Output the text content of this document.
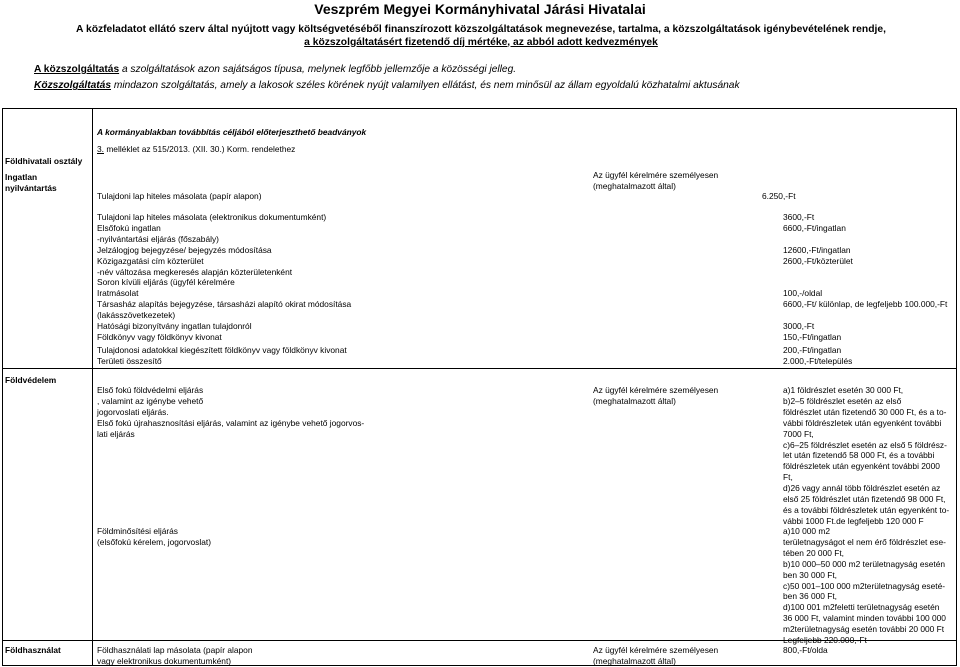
Veszprém Megyei Kormányhivatal Járási Hivatalai
A közfeladatot ellátó szerv által nyújtott vagy költségvetéséből finanszírozott közszolgáltatások megnevezése, tartalma, a közszolgáltatások igénybevételének rendje,
a közszolgáltatásért fizetendő díj mértéke, az abból adott kedvezmények
A közszolgáltatás a szolgáltatások azon sajátságos típusa, melynek legfőbb jellemzője a közösségi jelleg.
Közszolgáltatás mindazon szolgáltatás, amely a lakosok széles körének nyújt valamilyen ellátást, és nem minősül az állam egyoldalú közhatalmi aktusának
A kormányablakban továbbítás céljából előterjeszthető beadványok
3. melléklet az 515/2013. (XII. 30.) Korm. rendelethez
Földhivatali osztály
Ingatlan
nyilvántartás
Földvédelem
Földhasználat
Az ügyfél kérelmére személyesen
(meghatalmazott által)
Tulajdoni lap hiteles másolata (papír alapon)	6.250,-Ft
Tulajdoni lap hiteles másolata (elektronikus dokumentumként)
Elsőfokú ingatlan
-nyilvántartási eljárás (főszabály)
Jelzálogjog bejegyzése/ bejegyzés módosítása
Közigazgatási cím közterület
-név változása megkeresés alapján közterületenként
Soron kívüli eljárás (ügyfél kérelmére
Iratmásolat
Társasház alapítás bejegyzése, társasházi alapító okirat módosítása
(lakásszövetkezetek)
Hatósági bizonyítvány ingatlan tulajdonról
Földkönyv vagy földkönyv kivonat
3600,-Ft
6600,-Ft/ingatlan

12600,-Ft/ingatlan
2600,-Ft/közterület

100,-/oldal
6600,-Ft/ különlap, de legfeljebb 100.000,-Ft

3000,-Ft
150,-Ft/ingatlan
Tulajdonosi adatokkal kiegészített földkönyv vagy földkönyv kivonat
Területi összesítő
200,-Ft/ingatlan
2.000,-Ft/település
Első fokú földvédelmi eljárás
, valamint az igénybe vehető
jogorvoslati eljárás.
Első fokú újrahasznosítási eljárás, valamint az igénybe vehető jogorvos-
lati eljárás
Az ügyfél kérelmére személyesen
(meghatalmazott által)
a)1 földrészlet esetén 30 000 Ft,
b)2–5 földrészlet esetén az első
földrészlet után fizetendő 30 000 Ft, és a to-
vábbi földrészletek után egyenként további
7000 Ft,
c)6–25 földrészlet esetén az első 5 földrész-
let után fizetendő 58 000 Ft, és a további
földrészletek után egyenként további 2000
Ft,
d)26 vagy annál több földrészlet esetén az
első 25 földrészlet után fizetendő 98 000 Ft,
és a további földrészletek után egyenként to-
vábbi 1000 Ft.de legfeljebb 120 000 F
Földminősítési eljárás
(elsőfokú kérelem, jogorvoslat)
a)10 000 m2
területnagyságot el nem érő földrészlet ese-
tében 20 000 Ft,
b)10 000–50 000 m2 területnagyság esetén
ben 30 000 Ft,
c)50 001–100 000 m2területnagyság eseté-
ben 36 000 Ft,
d)100 001 m2feletti területnagyság esetén
36 000 Ft, valamint minden további 100 000
m2területnagyság esetén további 20 000 Ft
Legfeljebb 220.000,-Ft
Földhasználati lap másolata (papír alapon
vagy elektronikus dokumentumként)
Az ügyfél kérelmére személyesen
(meghatalmazott által)
800,-Ft/olda
